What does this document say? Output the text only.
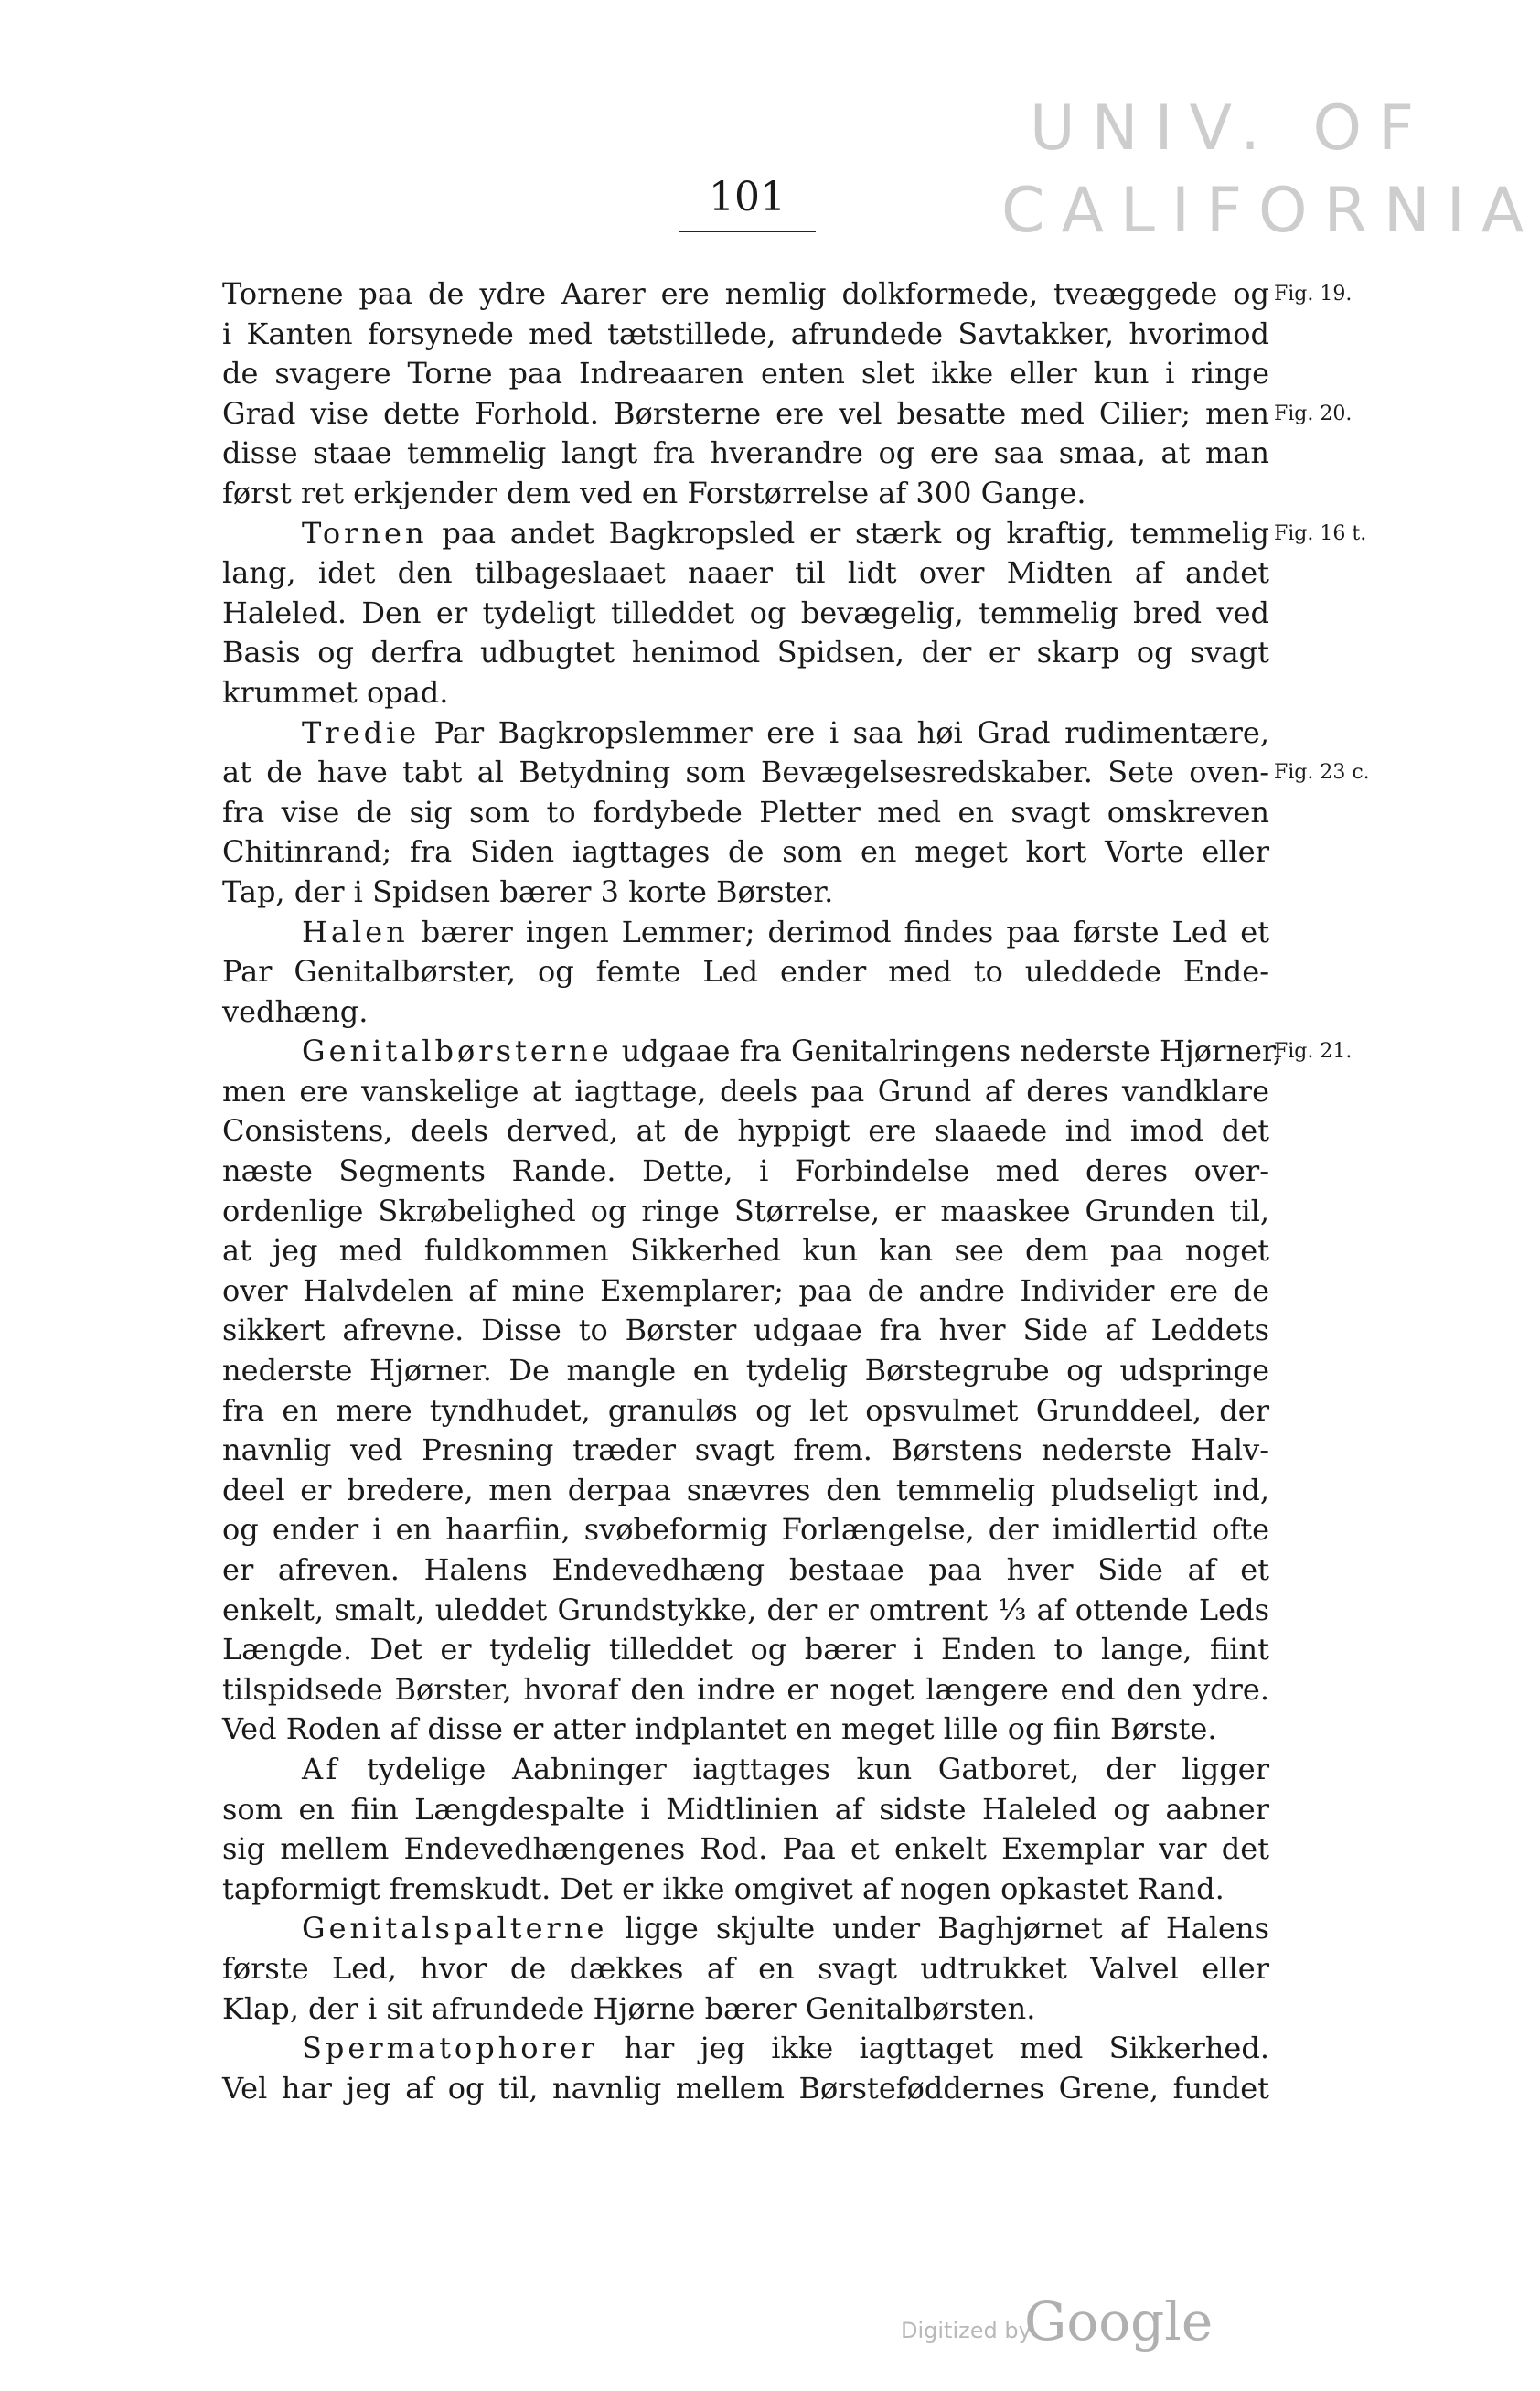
101
UNIV. OF
CALIFORNIA
Tornene paa de ydre Aarer ere nemlig dolkformede, tveæggede og
i Kanten forsynede med tætstillede, afrundede Savtakker, hvorimod
de svagere Torne paa Indreaaren enten slet ikke eller kun i ringe
Grad vise dette Forhold. Børsterne ere vel besatte med Cilier; men
disse staae temmelig langt fra hverandre og ere saa smaa, at man
først ret erkjender dem ved en Forstørrelse af 300 Gange.
Tornen paa andet Bagkropsled er stærk og kraftig, temmelig
lang, idet den tilbageslaaet naaer til lidt over Midten af andet
Haleled. Den er tydeligt tilleddet og bevægelig, temmelig bred ved
Basis og derfra udbugtet henimod Spidsen, der er skarp og svagt
krummet opad.
Tredie Par Bagkropslemmer ere i saa høi Grad rudimentære,
at de have tabt al Betydning som Bevægelsesredskaber. Sete oven-
fra vise de sig som to fordybede Pletter med en svagt omskreven
Chitinrand; fra Siden iagttages de som en meget kort Vorte eller
Tap, der i Spidsen bærer 3 korte Børster.
Halen bærer ingen Lemmer; derimod findes paa første Led et
Par Genitalbørster, og femte Led ender med to uleddede Ende-
vedhæng.
Genitalbørsterne udgaae fra Genitalringens nederste Hjørner,
men ere vanskelige at iagttage, deels paa Grund af deres vandklare
Consistens, deels derved, at de hyppigt ere slaaede ind imod det
næste Segments Rande. Dette, i Forbindelse med deres over-
ordenlige Skrøbelighed og ringe Størrelse, er maaskee Grunden til,
at jeg med fuldkommen Sikkerhed kun kan see dem paa noget
over Halvdelen af mine Exemplarer; paa de andre Individer ere de
sikkert afrevne. Disse to Børster udgaae fra hver Side af Leddets
nederste Hjørner. De mangle en tydelig Børstegrube og udspringe
fra en mere tyndhudet, granuløs og let opsvulmet Grunddeel, der
navnlig ved Presning træder svagt frem. Børstens nederste Halv-
deel er bredere, men derpaa snævres den temmelig pludseligt ind,
og ender i en haarfiin, svøbeformig Forlængelse, der imidlertid ofte
er afreven. Halens Endevedhæng bestaae paa hver Side af et
enkelt, smalt, uleddet Grundstykke, der er omtrent ⅓ af ottende Leds
Længde. Det er tydelig tilleddet og bærer i Enden to lange, fiint
tilspidsede Børster, hvoraf den indre er noget længere end den ydre.
Ved Roden af disse er atter indplantet en meget lille og fiin Børste.
Af tydelige Aabninger iagttages kun Gatboret, der ligger
som en fiin Længdespalte i Midtlinien af sidste Haleled og aabner
sig mellem Endevedhængenes Rod. Paa et enkelt Exemplar var det
tapformigt fremskudt. Det er ikke omgivet af nogen opkastet Rand.
Genitalspalterne ligge skjulte under Baghjørnet af Halens
første Led, hvor de dækkes af en svagt udtrukket Valvel eller
Klap, der i sit afrundede Hjørne bærer Genitalbørsten.
Spermatophorer har jeg ikke iagttaget med Sikkerhed.
Vel har jeg af og til, navnlig mellem Børsteføddernes Grene, fundet
Fig. 19.
Fig. 20.
Fig. 16 t.
Fig. 23 c.
Fig. 21.
Digitized by
Google
